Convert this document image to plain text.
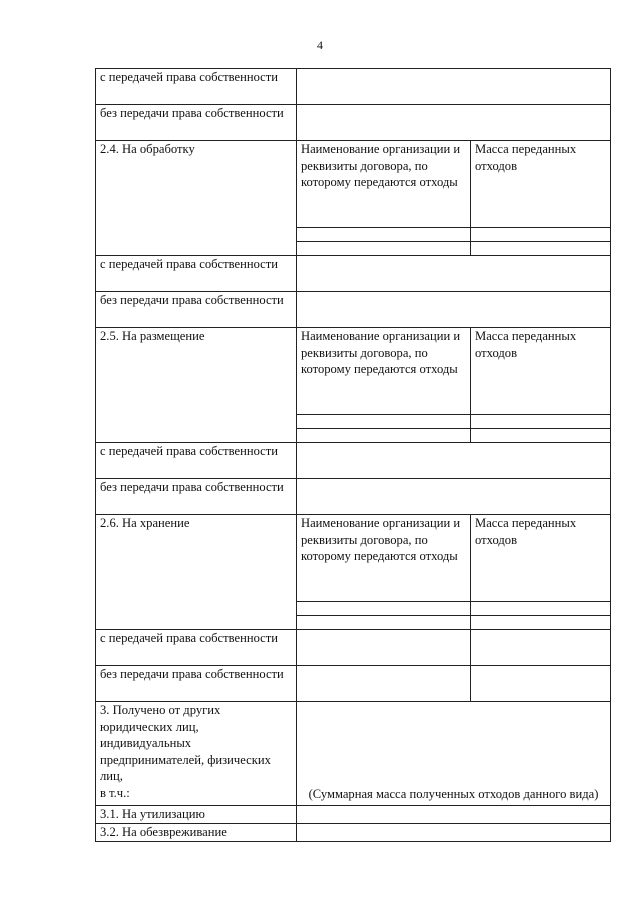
4
с передачей права собственности		
без передачи права собственности		
2.4. На обработку	Наименование организации и реквизиты договора, по которому передаются отходы	Масса переданных отходов

с передачей права собственности		
без передачи права собственности		
2.5. На размещение	Наименование организации и реквизиты договора, по которому передаются отходы	Масса переданных отходов

с передачей права собственности		
без передачи права собственности		
2.6. На хранение	Наименование организации и реквизиты договора, по которому передаются отходы	Масса переданных отходов

с передачей права собственности		
без передачи права собственности		
3. Получено от других юридических лиц, индивидуальных предпринимателей, физических лиц,
в т.ч.:	(Суммарная масса полученных отходов данного вида)	
3.1. На утилизацию		
3.2. На обезвреживание		
